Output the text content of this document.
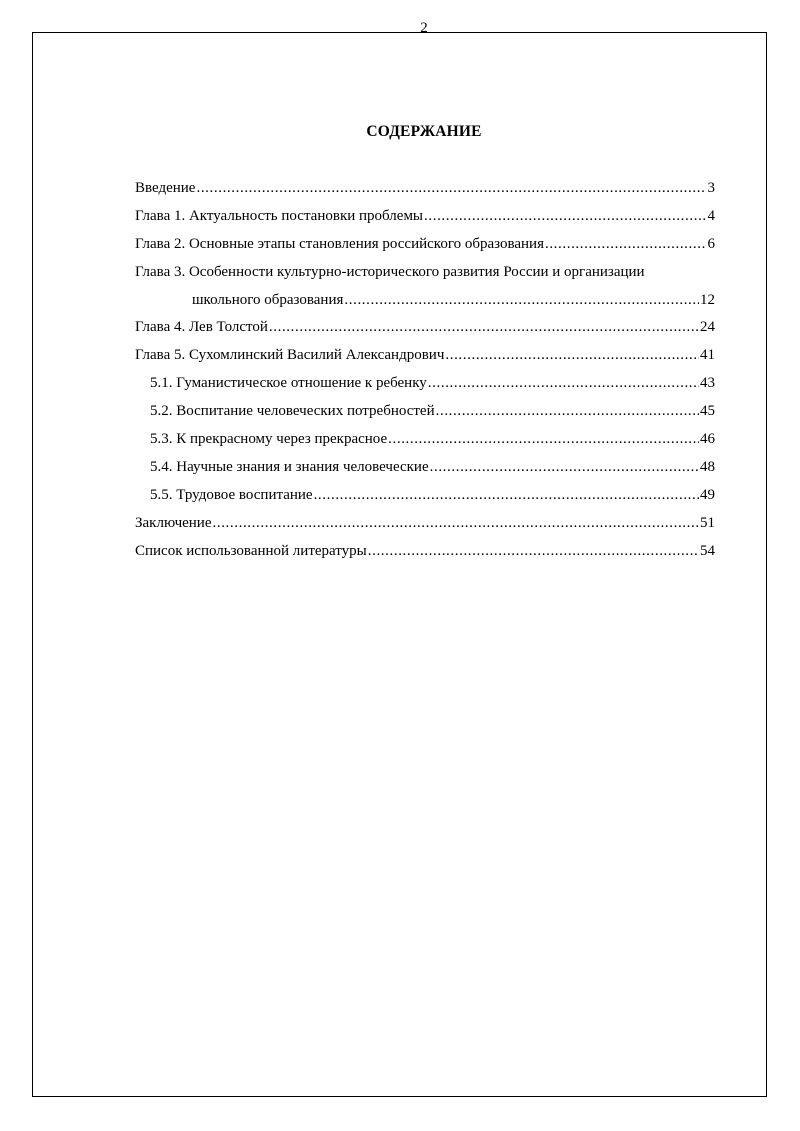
2
СОДЕРЖАНИЕ
Введение .....	3
Глава 1. Актуальность постановки проблемы .....	4
Глава 2. Основные этапы становления российского образования .....	6
Глава 3. Особенности культурно-исторического развития России и организации
школьного образования .....	12
Глава 4. Лев Толстой .....	24
Глава 5. Сухомлинский Василий Александрович .....	41
5.1. Гуманистическое отношение к ребенку .....	43
5.2. Воспитание человеческих потребностей .....	45
5.3. К прекрасному через прекрасное .....	46
5.4. Научные знания и знания человеческие .....	48
5.5. Трудовое воспитание .....	49
Заключение .....	51
Список использованной литературы .....	54
